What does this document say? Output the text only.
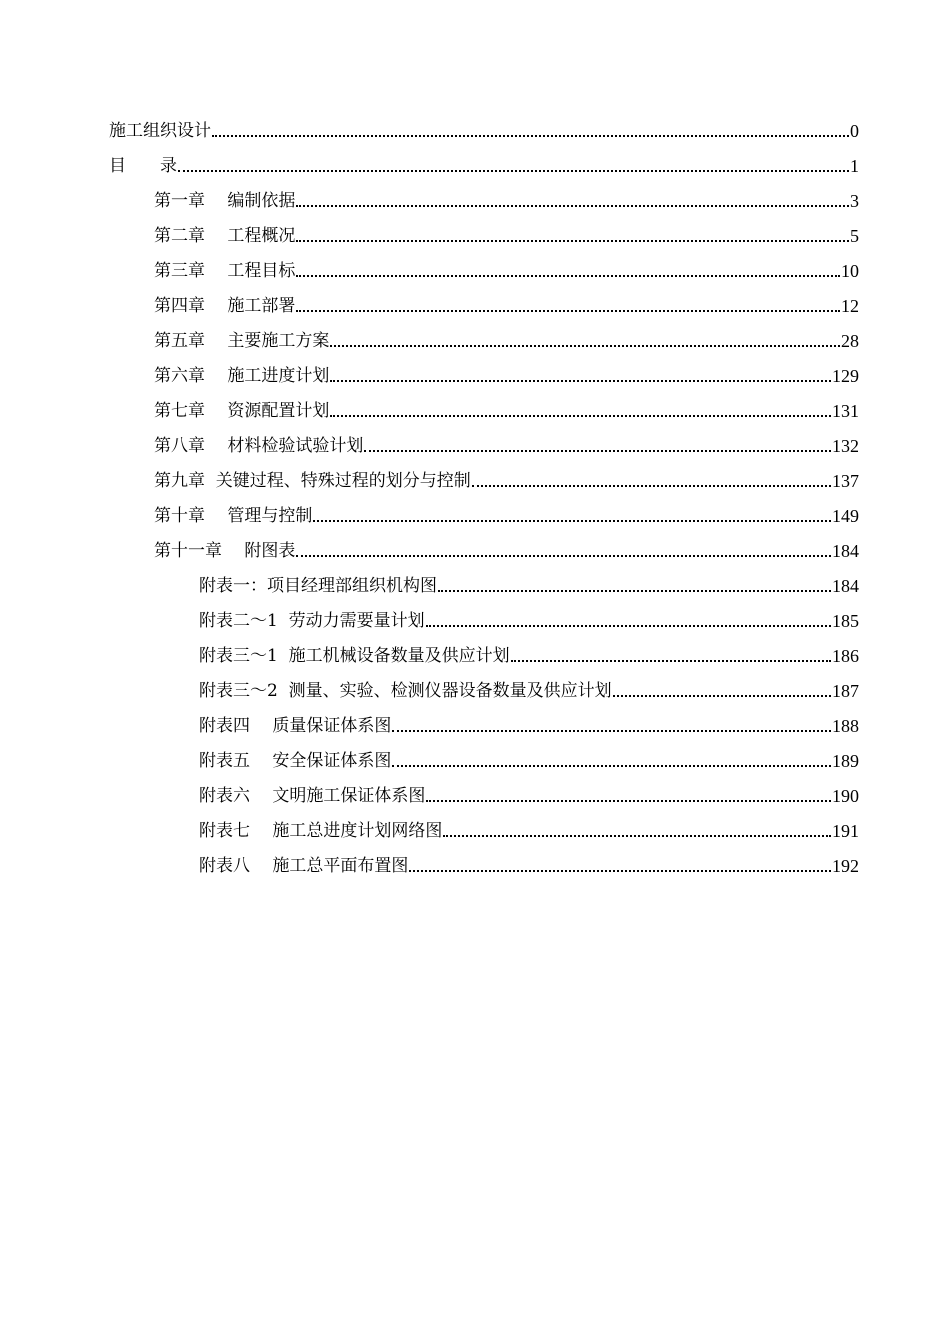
施工组织设计	0
目　　录	1
第一章　 编制依据	3
第二章　 工程概况	5
第三章　 工程目标	10
第四章　 施工部署	12
第五章　 主要施工方案	28
第六章　 施工进度计划	129
第七章　 资源配置计划	131
第八章　 材料检验试验计划	132
第九章  关键过程、特殊过程的划分与控制	137
第十章　 管理与控制	149
第十一章　 附图表	184
附表一：项目经理部组织机构图	184
附表二～1  劳动力需要量计划	185
附表三～1  施工机械设备数量及供应计划	186
附表三～2  测量、实验、检测仪器设备数量及供应计划	187
附表四　 质量保证体系图	188
附表五　 安全保证体系图	189
附表六　 文明施工保证体系图	190
附表七　 施工总进度计划网络图	191
附表八　 施工总平面布置图	192
